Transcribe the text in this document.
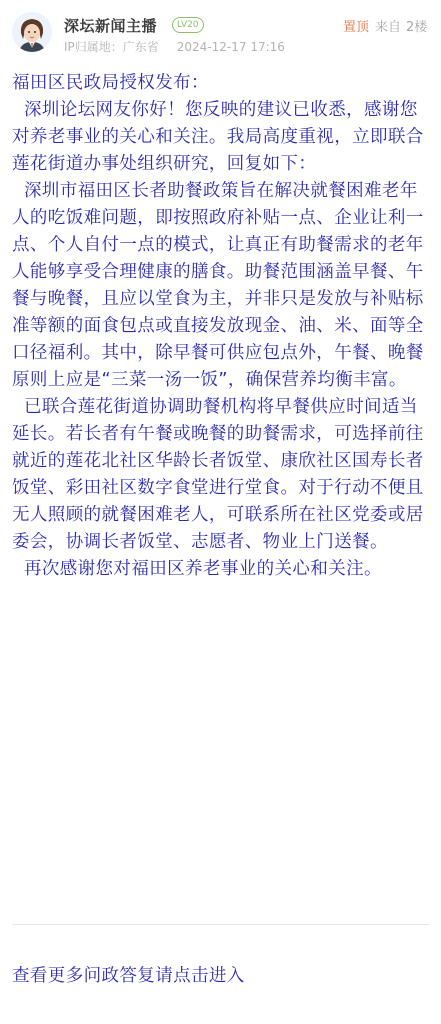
深坛新闻主播	LV20
IP归属地：广东省 2024-12-17 17:16
置顶 来自 2楼

福田区民政局授权发布：

深圳论坛网友你好！您反映的建议已收悉，感谢您对养老事业的关心和关注。我局高度重视，立即联合莲花街道办事处组织研究，回复如下：

深圳市福田区长者助餐政策旨在解决就餐困难老年人的吃饭难问题，即按照政府补贴一点、企业让利一点、个人自付一点的模式，让真正有助餐需求的老年人能够享受合理健康的膳食。助餐范围涵盖早餐、午餐与晚餐，且应以堂食为主，并非只是发放与补贴标准等额的面食包点或直接发放现金、油、米、面等全口径福利。其中，除早餐可供应包点外，午餐、晚餐原则上应是“三菜一汤一饭”，确保营养均衡丰富。

已联合莲花街道协调助餐机构将早餐供应时间适当延长。若长者有午餐或晚餐的助餐需求，可选择前往就近的莲花北社区华龄长者饭堂、康欣社区国寿长者饭堂、彩田社区数字食堂进行堂食。对于行动不便且无人照顾的就餐困难老人，可联系所在社区党委或居委会，协调长者饭堂、志愿者、物业上门送餐。

再次感谢您对福田区养老事业的关心和关注。

查看更多问政答复请点击进入
